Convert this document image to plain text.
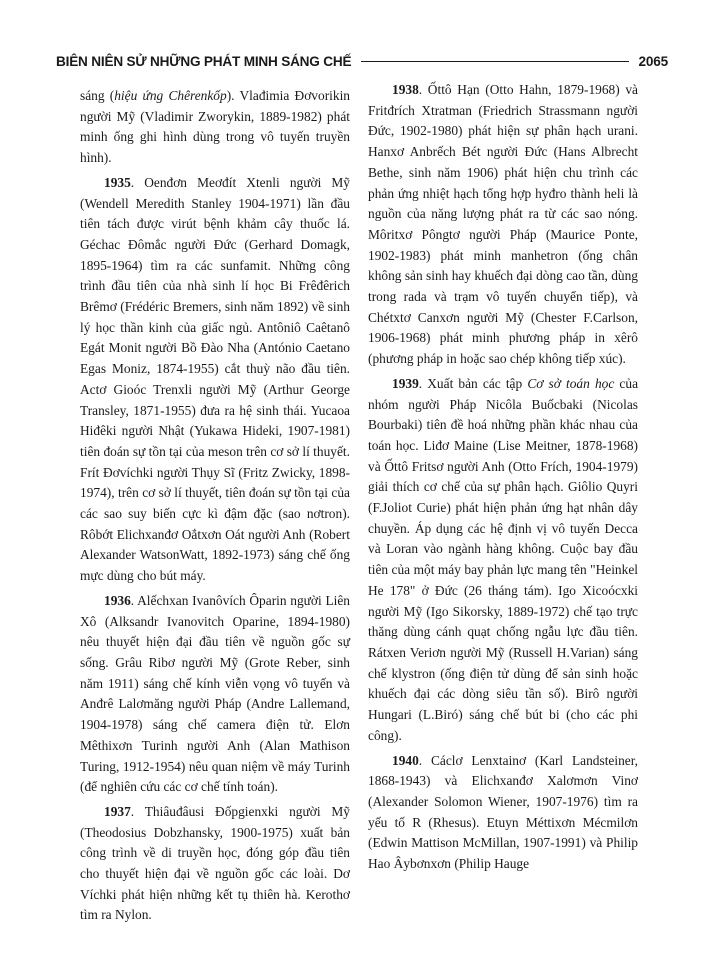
BIÊN NIÊN SỬ NHỮNG PHÁT MINH SÁNG CHẾ	2065

sáng (hiệu ứng Chêrenkốp). Vlađimia Đơvorikin người Mỹ (Vladimir Zworykin, 1889-1982) phát minh ống ghi hình dùng trong vô tuyến truyền hình).

1935. Oenđơn Meơđít Xtenli người Mỹ (Wendell Meredith Stanley 1904-1971) lần đầu tiên tách được virút bệnh khảm cây thuốc lá. Géchac Đômắc người Đức (Gerhard Domagk, 1895-1964) tìm ra các sunfamit. Những công trình đầu tiên của nhà sinh lí học Bi Frêđêrich Brêmơ (Frédéric Bremers, sinh năm 1892) về sinh lý học thần kinh của giấc ngủ. Antôniô Caêtanô Egát Monit người Bồ Đào Nha (António Caetano Egas Moniz, 1874-1955) cắt thuỳ não đầu tiên. Actơ Gioóc Trenxli người Mỹ (Arthur George Transley, 1871-1955) đưa ra hệ sinh thái. Yucaoa Hiđêki người Nhật (Yukawa Hideki, 1907-1981) tiên đoán sự tồn tại của meson trên cơ sở lí thuyết. Frít Đơvíchki người Thụy Sĩ (Fritz Zwicky, 1898-1974), trên cơ sở lí thuyết, tiên đoán sự tồn tại của các sao suy biến cực kì đậm đặc (sao nơtron). Rôbớt Elichxanđơ Oắtxơn Oát người Anh (Robert Alexander WatsonWatt, 1892-1973) sáng chế ống mực dùng cho bút máy.

1936. Alếchxan Ivanôvích Ôparin người Liên Xô (Alksandr Ivanovitch Oparine, 1894-1980) nêu thuyết hiện đại đầu tiên về nguồn gốc sự sống. Grâu Ribơ người Mỹ (Grote Reber, sinh năm 1911) sáng chế kính viễn vọng vô tuyến và Anđrê Lalơmăng người Pháp (Andre Lallemand, 1904-1978) sáng chế camera điện tử. Elơn Mêthixơn Turinh người Anh (Alan Mathison Turing, 1912-1954) nêu quan niệm về máy Turinh (để nghiên cứu các cơ chế tính toán).

1937. Thiâuđâusi Đốpgienxki người Mỹ (Theodosius Dobzhansky, 1900-1975) xuất bản công trình về di truyền học, đóng góp đầu tiên cho thuyết hiện đại về nguồn gốc các loài. Dơ Víchki phát hiện những kết tụ thiên hà. Kerothơ tìm ra Nylon.

1938. Ốttô Hạn (Otto Hahn, 1879-1968) và Fritđrích Xtratman (Friedrich Strassmann người Đức, 1902-1980) phát hiện sự phân hạch urani. Hanxơ Anbrếch Bét người Đức (Hans Albrecht Bethe, sinh năm 1906) phát hiện chu trình các phản ứng nhiệt hạch tổng hợp hyđro thành heli là nguồn của năng lượng phát ra từ các sao nóng. Môritxơ Pôngtơ người Pháp (Maurice Ponte, 1902-1983) phát minh manhetron (ống chân không sản sinh hay khuếch đại dòng cao tần, dùng trong rada và trạm vô tuyến chuyển tiếp), và Chétxtơ Canxơn người Mỹ (Chester F.Carlson, 1906-1968) phát minh phương pháp in xêrô (phương pháp in hoặc sao chép không tiếp xúc).

1939. Xuất bản các tập Cơ sở toán học của nhóm người Pháp Nicôla Buốcbaki (Nicolas Bourbaki) tiên đề hoá những phần khác nhau của toán học. Liđơ Maine (Lise Meitner, 1878-1968) và Ốttô Fritsơ người Anh (Otto Frích, 1904-1979) giải thích cơ chế của sự phân hạch. Giôlio Quyri (F.Joliot Curie) phát hiện phản ứng hạt nhân dây chuyền. Áp dụng các hệ định vị vô tuyến Decca và Loran vào ngành hàng không. Cuộc bay đầu tiên của một máy bay phản lực mang tên "Heinkel He 178" ở Đức (26 tháng tám). Igo Xicoócxki người Mỹ (Igo Sikorsky, 1889-1972) chế tạo trực thăng dùng cánh quạt chống ngẫu lực đầu tiên. Rátxen Veriơn người Mỹ (Russell H.Varian) sáng chế klystron (ống điện tử dùng để sản sinh hoặc khuếch đại các dòng siêu tần số). Birô người Hungari (L.Biró) sáng chế bút bi (cho các phi công).

1940. Cáclơ Lenxtainơ (Karl Landsteiner, 1868-1943) và Elichxanđơ Xalơmơn Vinơ (Alexander Solomon Wiener, 1907-1976) tìm ra yếu tố R (Rhesus). Etuyn Méttixơn Mécmilơn (Edwin Mattison McMillan, 1907-1991) và Philip Hao Âybơnxơn (Philip Hauge
